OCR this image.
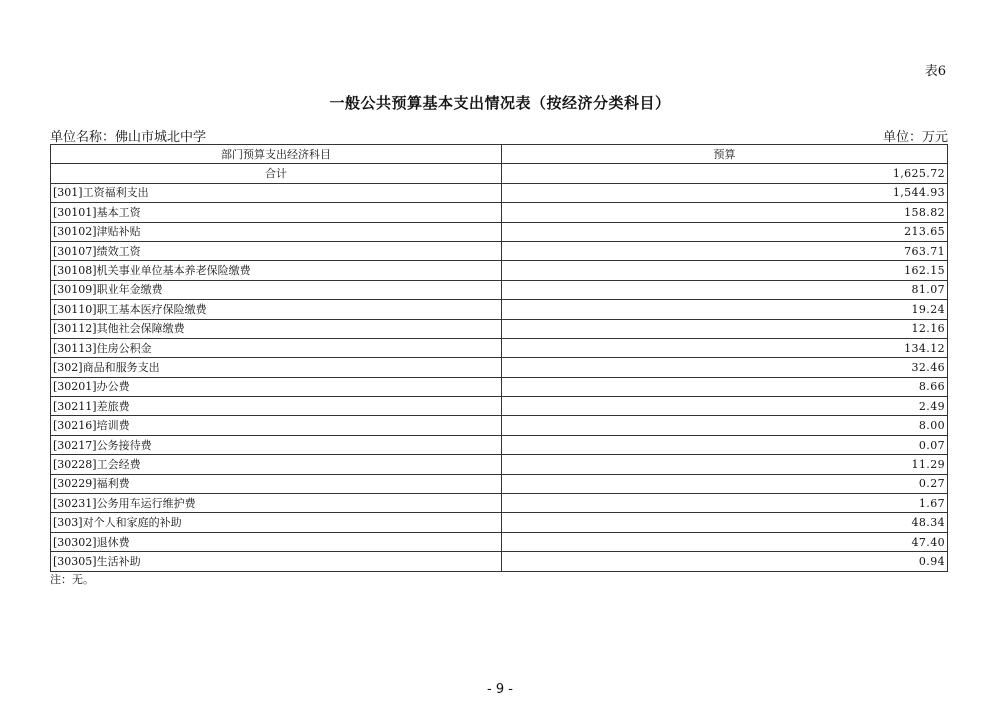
表6
一般公共预算基本支出情况表（按经济分类科目）
单位名称：佛山市城北中学	单位：万元
部门预算支出经济科目	预算
合计	1,625.72
[301]工资福利支出	1,544.93
[30101]基本工资	158.82
[30102]津贴补贴	213.65
[30107]绩效工资	763.71
[30108]机关事业单位基本养老保险缴费	162.15
[30109]职业年金缴费	81.07
[30110]职工基本医疗保险缴费	19.24
[30112]其他社会保障缴费	12.16
[30113]住房公积金	134.12
[302]商品和服务支出	32.46
[30201]办公费	8.66
[30211]差旅费	2.49
[30216]培训费	8.00
[30217]公务接待费	0.07
[30228]工会经费	11.29
[30229]福利费	0.27
[30231]公务用车运行维护费	1.67
[303]对个人和家庭的补助	48.34
[30302]退休费	47.40
[30305]生活补助	0.94
注：无。
- 9 -
